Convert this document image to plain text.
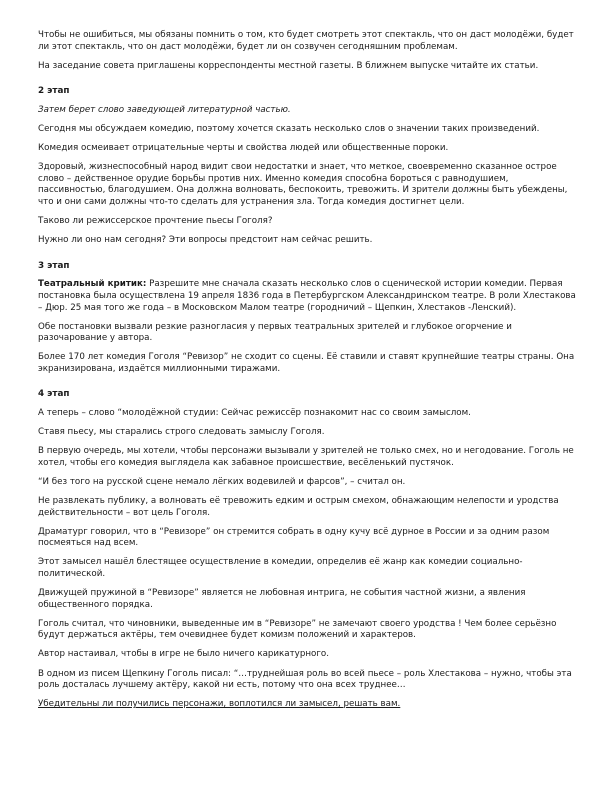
Чтобы не ошибиться, мы обязаны помнить о том, кто будет смотреть этот спектакль, что он даст молодёжи, будет ли этот спектакль, что он даст молодёжи, будет ли он созвучен сегодняшним проблемам.

На заседание совета приглашены корреспонденты местной газеты. В ближнем выпуске читайте их статьи.

2 этап

Затем берет слово заведующей литературной частью.

Сегодня мы обсуждаем комедию, поэтому хочется сказать несколько слов о значении таких произведений.

Комедия осмеивает отрицательные черты и свойства людей или общественные пороки.

Здоровый, жизнеспособный народ видит свои недостатки и знает, что меткое, своевременно сказанное острое слово – действенное орудие борьбы против них. Именно комедия способна бороться с равнодушием, пассивностью, благодушием. Она должна волновать, беспокоить, тревожить. И зрители должны быть убеждены, что и они сами должны что-то сделать для устранения зла. Тогда комедия достигнет цели.

Таково ли режиссерское прочтение пьесы Гоголя?

Нужно ли оно нам сегодня? Эти вопросы предстоит нам сейчас решить.

3 этап

Театральный критик: Разрешите мне сначала сказать несколько слов о сценической истории комедии. Первая постановка была осуществлена 19 апреля 1836 года в Петербургском Александринском театре. В роли Хлестакова – Дюр. 25 мая того же года – в Московском Малом театре (городничий – Щепкин, Хлестаков -Ленский).

Обе постановки вызвали резкие разногласия у первых театральных зрителей и глубокое огорчение и разочарование у автора.

Более 170 лет комедия Гоголя “Ревизор” не сходит со сцены. Её ставили и ставят крупнейшие театры страны. Она экранизирована, издаётся миллионными тиражами.

4 этап

А теперь – слово “молодёжной студии: Сейчас режиссёр познакомит нас со своим замыслом.

Ставя пьесу, мы старались строго следовать замыслу Гоголя.

В первую очередь, мы хотели, чтобы персонажи вызывали у зрителей не только смех, но и негодование. Гоголь не хотел, чтобы его комедия выглядела как забавное происшествие, весёленький пустячок.

“И без того на русской сцене немало лёгких водевилей и фарсов”, – считал он.

Не развлекать публику, а волновать её тревожить едким и острым смехом, обнажающим нелепости и уродства действительности – вот цель Гоголя.

Драматург говорил, что в “Ревизоре” он стремится собрать в одну кучу всё дурное в России и за одним разом посмеяться над всем.

Этот замысел нашёл блестящее осуществление в комедии, определив её жанр как комедии социально-политической.

Движущей пружиной в “Ревизоре” является не любовная интрига, не события частной жизни, а явления общественного порядка.

Гоголь считал, что чиновники, выведенные им в “Ревизоре” не замечают своего уродства ! Чем более серьёзно будут держаться актёры, тем очевиднее будет комизм положений и характеров.

Автор настаивал, чтобы в игре не было ничего карикатурного.

В одном из писем Щепкину Гоголь писал: “…труднейшая роль во всей пьесе – роль Хлестакова – нужно, чтобы эта роль досталась лучшему актёру, какой ни есть, потому что она всех труднее…

Убедительны ли получились персонажи, воплотился ли замысел, решать вам.
